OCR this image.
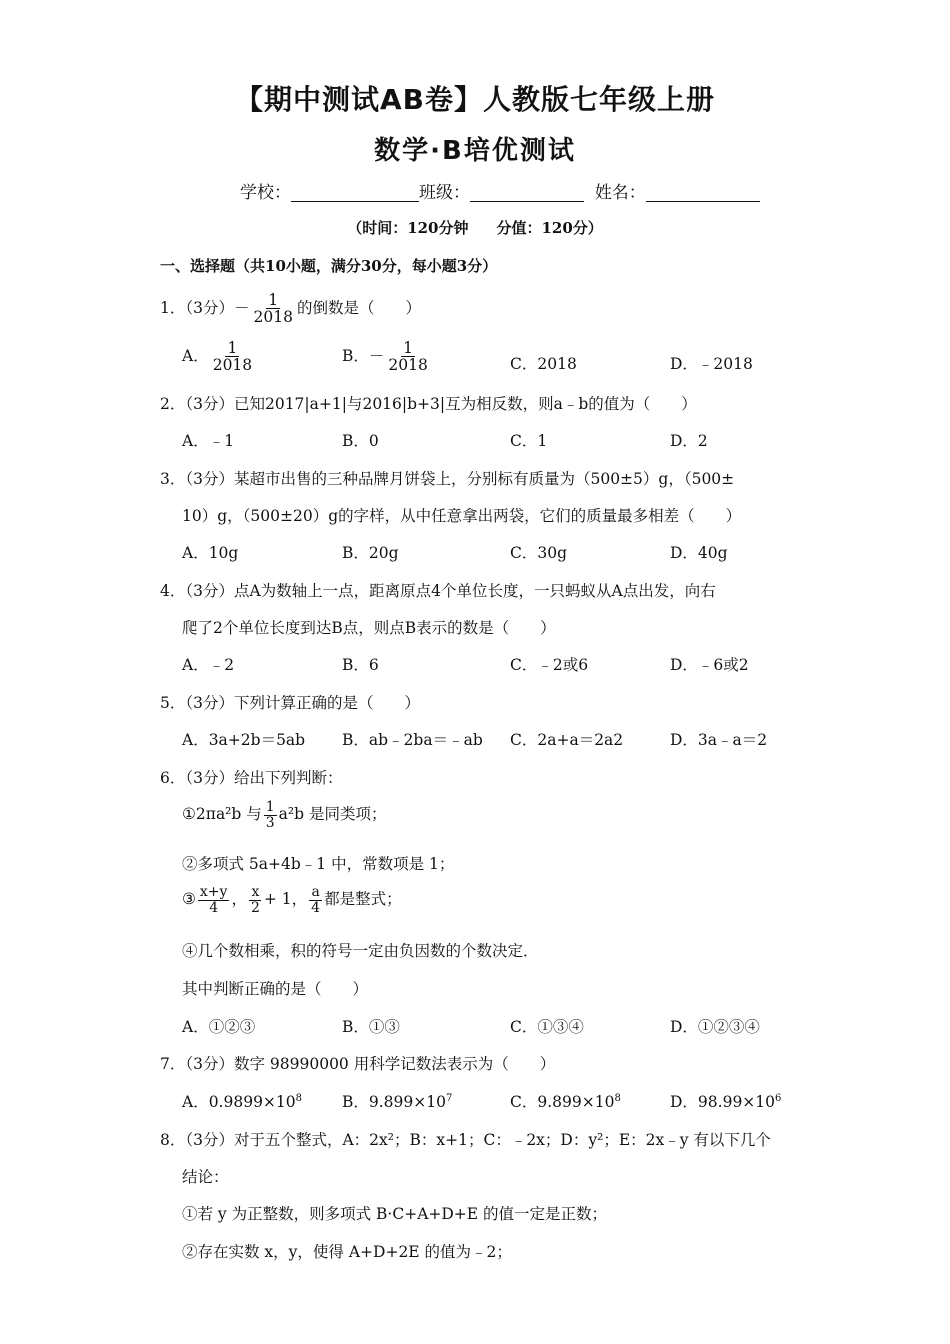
【期中测试AB卷】人教版七年级上册
数学·B培优测试
学校：	班级：	姓名：
（时间：120分钟 分值：120分）
一、选择题（共10小题，满分30分，每小题3分）
1．（3分）－ $\frac{1}{2018}$ 的倒数是（　　）
A． $\frac{1}{2018}$	B．－ $\frac{1}{2018}$	C．2018	D．﹣2018
2．（3分）已知2017|a+1|与2016|b+3|互为相反数，则a﹣b的值为（　　）
A．﹣1	B．0	C．1	D．2
3．（3分）某超市出售的三种品牌月饼袋上，分别标有质量为（500±5）g，（500±
10）g，（500±20）g的字样，从中任意拿出两袋，它们的质量最多相差（　　）
A．10g	B．20g	C．30g	D．40g
4．（3分）点A为数轴上一点，距离原点4个单位长度，一只蚂蚁从A点出发，向右
爬了2个单位长度到达B点，则点B表示的数是（　　）
A．﹣2	B．6	C．﹣2或6	D．﹣6或2
5．（3分）下列计算正确的是（　　）
A．3a+2b＝5ab B．ab﹣2ba＝﹣ab C．2a+a＝2a2	D．3a﹣a＝2
6．（3分）给出下列判断：
①2πa²b 与 $\frac{1}{3} a^2b$ 是同类项；
②多项式 5a+4b﹣1 中，常数项是 1；
③ $\frac{x+y}{4}$ ， $\frac{x}{2} + 1$， $\frac{a}{4}$ 都是整式；
④几个数相乘，积的符号一定由负因数的个数决定．
其中判断正确的是（　　）
A．①②③	B．①③	C．①③④	D．①②③④
7．（3分）数字 98990000 用科学记数法表示为（　　）
A．$0.9899\times 10^8$	B．$9.899\times 10^7$	C．$9.899\times 10^8$	D．$98.99\times 10^6$
8．（3分）对于五个整式，A：2x²；B：x+1；C：﹣2x；D：y²；E：2x﹣y 有以下几个
结论：
①若 y 为正整数，则多项式 B·C+A+D+E 的值一定是正数；
②存在实数 x，y，使得 A+D+2E 的值为﹣2；
